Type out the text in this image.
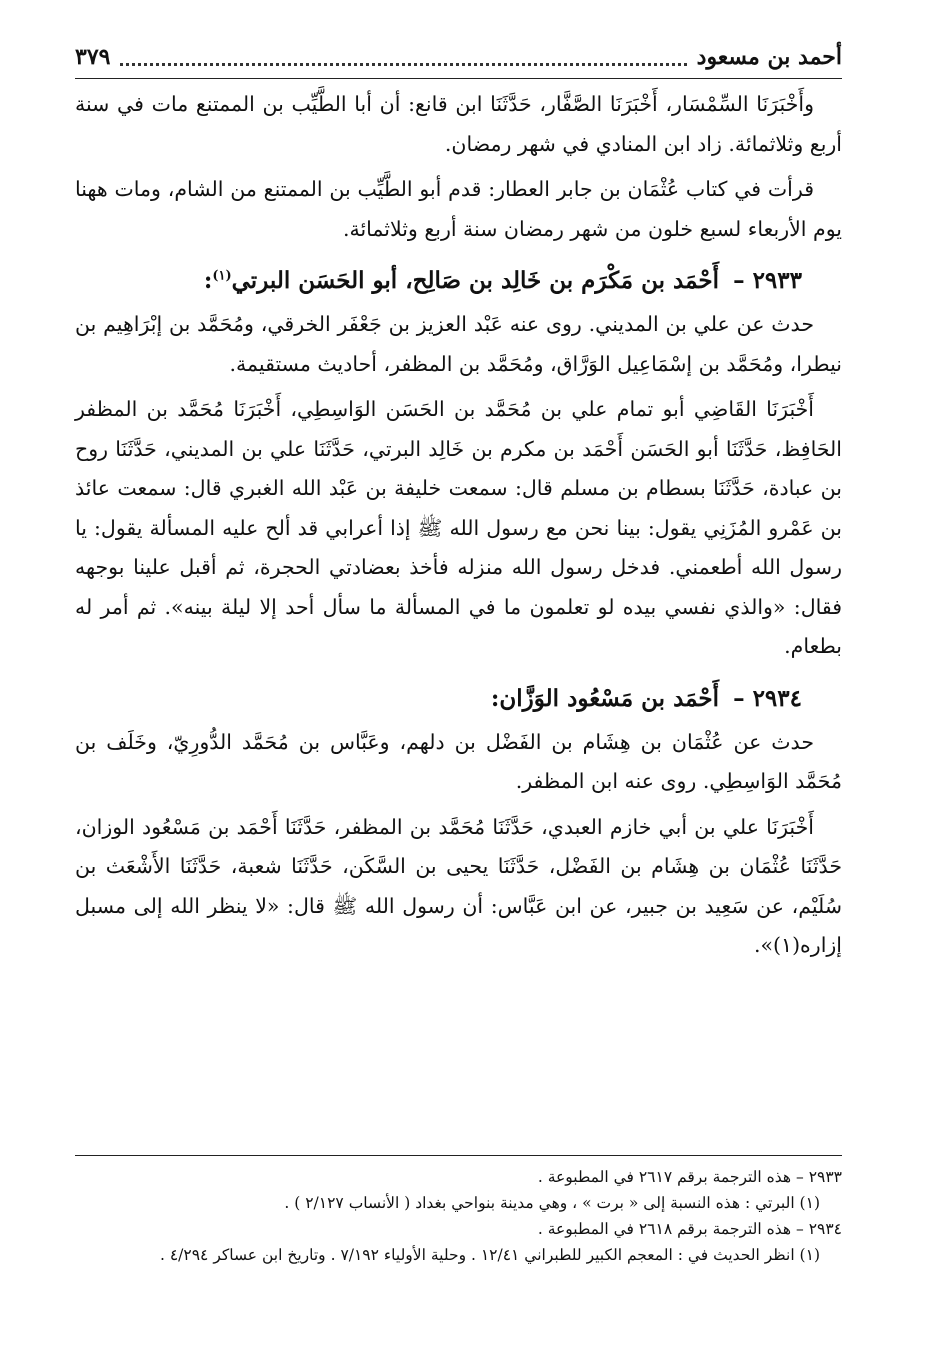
أحمد بن مسعود
٣٧٩

وأَخْبَرَنَا السِّمْسَار، أَخْبَرَنَا الصَّفَّار، حَدَّثَنَا ابن قانع: أن أبا الطَّيِّب بن الممتنع مات في سنة أربع وثلاثمائة. زاد ابن المنادي في شهر رمضان.

قرأت في كتاب عُثْمَان بن جابر العطار: قدم أبو الطَّيِّب بن الممتنع من الشام، ومات ههنا يوم الأربعاء لسبع خلون من شهر رمضان سنة أربع وثلاثمائة.

٢٩٣٣ – أَحْمَد بن مَكْرَم بن خَالِد بن صَالِح، أبو الحَسَن البرتي$^{(١)}$:

حدث عن علي بن المديني. روى عنه عَبْد العزيز بن جَعْفَر الخرقي، ومُحَمَّد بن إبْرَاهِيم بن نيطرا، ومُحَمَّد بن إسْمَاعِيل الوَرَّاق، ومُحَمَّد بن المظفر، أحاديث مستقيمة.

أَخْبَرَنَا القَاضِي أبو تمام علي بن مُحَمَّد بن الحَسَن الوَاسِطِي، أَخْبَرَنَا مُحَمَّد بن المظفر الحَافِظ، حَدَّثَنَا أبو الحَسَن أَحْمَد بن مكرم بن خَالِد البرتي، حَدَّثَنَا علي بن المديني، حَدَّثَنَا روح بن عبادة، حَدَّثَنَا بسطام بن مسلم قال: سمعت خليفة بن عَبْد الله الغبري قال: سمعت عائذ بن عَمْرو المُزَنِي يقول: بينا نحن مع رسول الله ﷺ إذا أعرابي قد ألح عليه المسألة يقول: يا رسول الله أطعمني. فدخل رسول الله منزله فأخذ بعضادتي الحجرة، ثم أقبل علينا بوجهه فقال: «والذي نفسي بيده لو تعلمون ما في المسألة ما سأل أحد إلا ليلة بينه». ثم أمر له بطعام.

٢٩٣٤ – أَحْمَد بن مَسْعُود الوَزَّان:

حدث عن عُثْمَان بن هِشَام بن الفَضْل بن دلهم، وعَبَّاس بن مُحَمَّد الدُّورِيّ، وخَلَف بن مُحَمَّد الوَاسِطِي. روى عنه ابن المظفر.

أَخْبَرَنَا علي بن أبي خازم العبدي، حَدَّثَنَا مُحَمَّد بن المظفر، حَدَّثَنَا أَحْمَد بن مَسْعُود الوزان، حَدَّثَنَا عُثْمَان بن هِشَام بن الفَضْل، حَدَّثَنَا يحيى بن السَّكَن، حَدَّثَنَا شعبة، حَدَّثَنَا الأَشْعَث بن سُلَيْم، عن سَعِيد بن جبير، عن ابن عَبَّاس: أن رسول الله ﷺ قال: «لا ينظر الله إلى مسبل إزاره(١)».

٢٩٣٣ – هذه الترجمة برقم ٢٦١٧ في المطبوعة .

(١) البرتي : هذه النسبة إلى « برت » ، وهي مدينة بنواحي بغداد ( الأنساب ٢/١٢٧ ) .

٢٩٣٤ – هذه الترجمة برقم ٢٦١٨ في المطبوعة .

(١) انظر الحديث في : المعجم الكبير للطبراني ١٢/٤١ . وحلية الأولياء ٧/١٩٢ . وتاريخ ابن عساكر ٤/٢٩٤ .
